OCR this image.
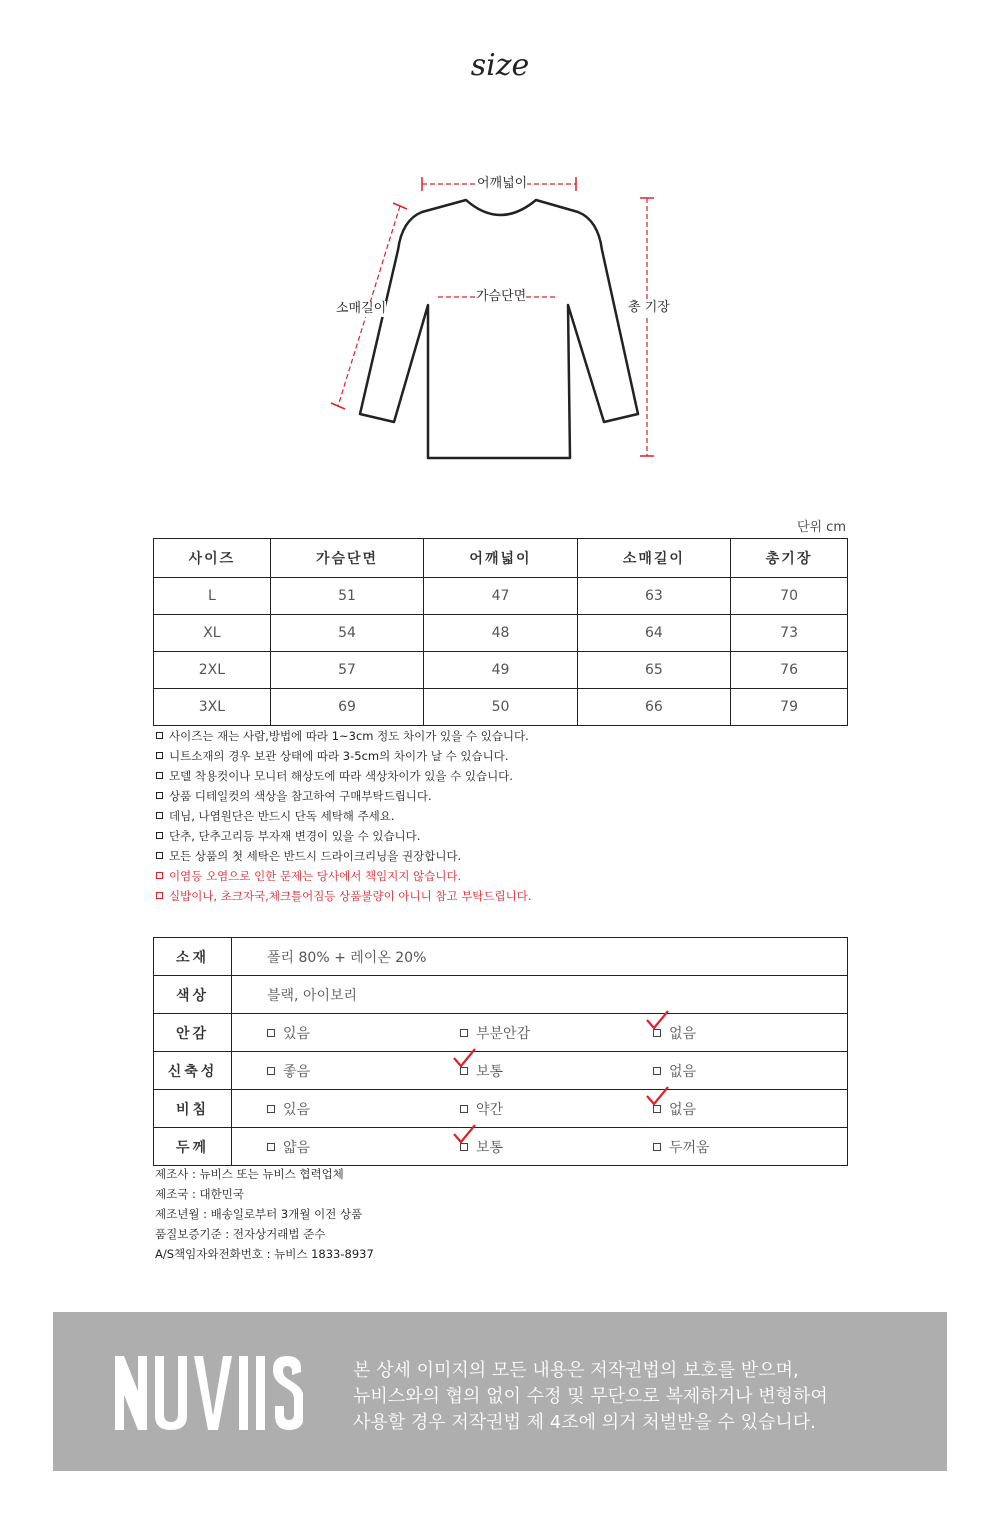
size
어깨넓이
가슴단면
소매길이	총 기장
단위 cm
사이즈	가슴단면	어깨넓이	소매길이	총기장
L	51	47	63	70
XL	54	48	64	73
2XL	57	49	65	76
3XL	69	50	66	79
사이즈는 재는 사람,방법에 따라 1~3cm 정도 차이가 있을 수 있습니다.
니트소재의 경우 보관 상태에 따라 3-5cm의 차이가 날 수 있습니다.
모델 착용컷이나 모니터 해상도에 따라 색상차이가 있을 수 있습니다.
상품 디테일컷의 색상을 참고하여 구매부탁드립니다.
데님, 나염원단은 반드시 단독 세탁해 주세요.
단추, 단추고리등 부자재 변경이 있을 수 있습니다.
모든 상품의 첫 세탁은 반드시 드라이크리닝을 권장합니다.
이염등 오염으로 인한 문제는 당사에서 책임지지 않습니다.
실밥이나, 초크자국,체크틀어짐등 상품불량이 아니니 참고 부탁드립니다.
소재	폴리 80% + 레이온 20%
색상	블랙, 아이보리
안감	있음 부분안감 없음

신축성	좋음 보통 없음

비침	있음 약간 없음

두께	얇음 보통 두꺼움
제조사 : 뉴비스 또는 뉴비스 협력업체
제조국 : 대한민국
제조년월 : 배송일로부터 3개월 이전 상품
품질보증기준 : 전자상거래법 준수
A/S책임자와전화번호 : 뉴비스 1833-8937
본 상세 이미지의 모든 내용은 저작권법의 보호를 받으며,
뉴비스와의 협의 없이 수정 및 무단으로 복제하거나 변형하여
사용할 경우 저작권법 제 4조에 의거 처벌받을 수 있습니다.
